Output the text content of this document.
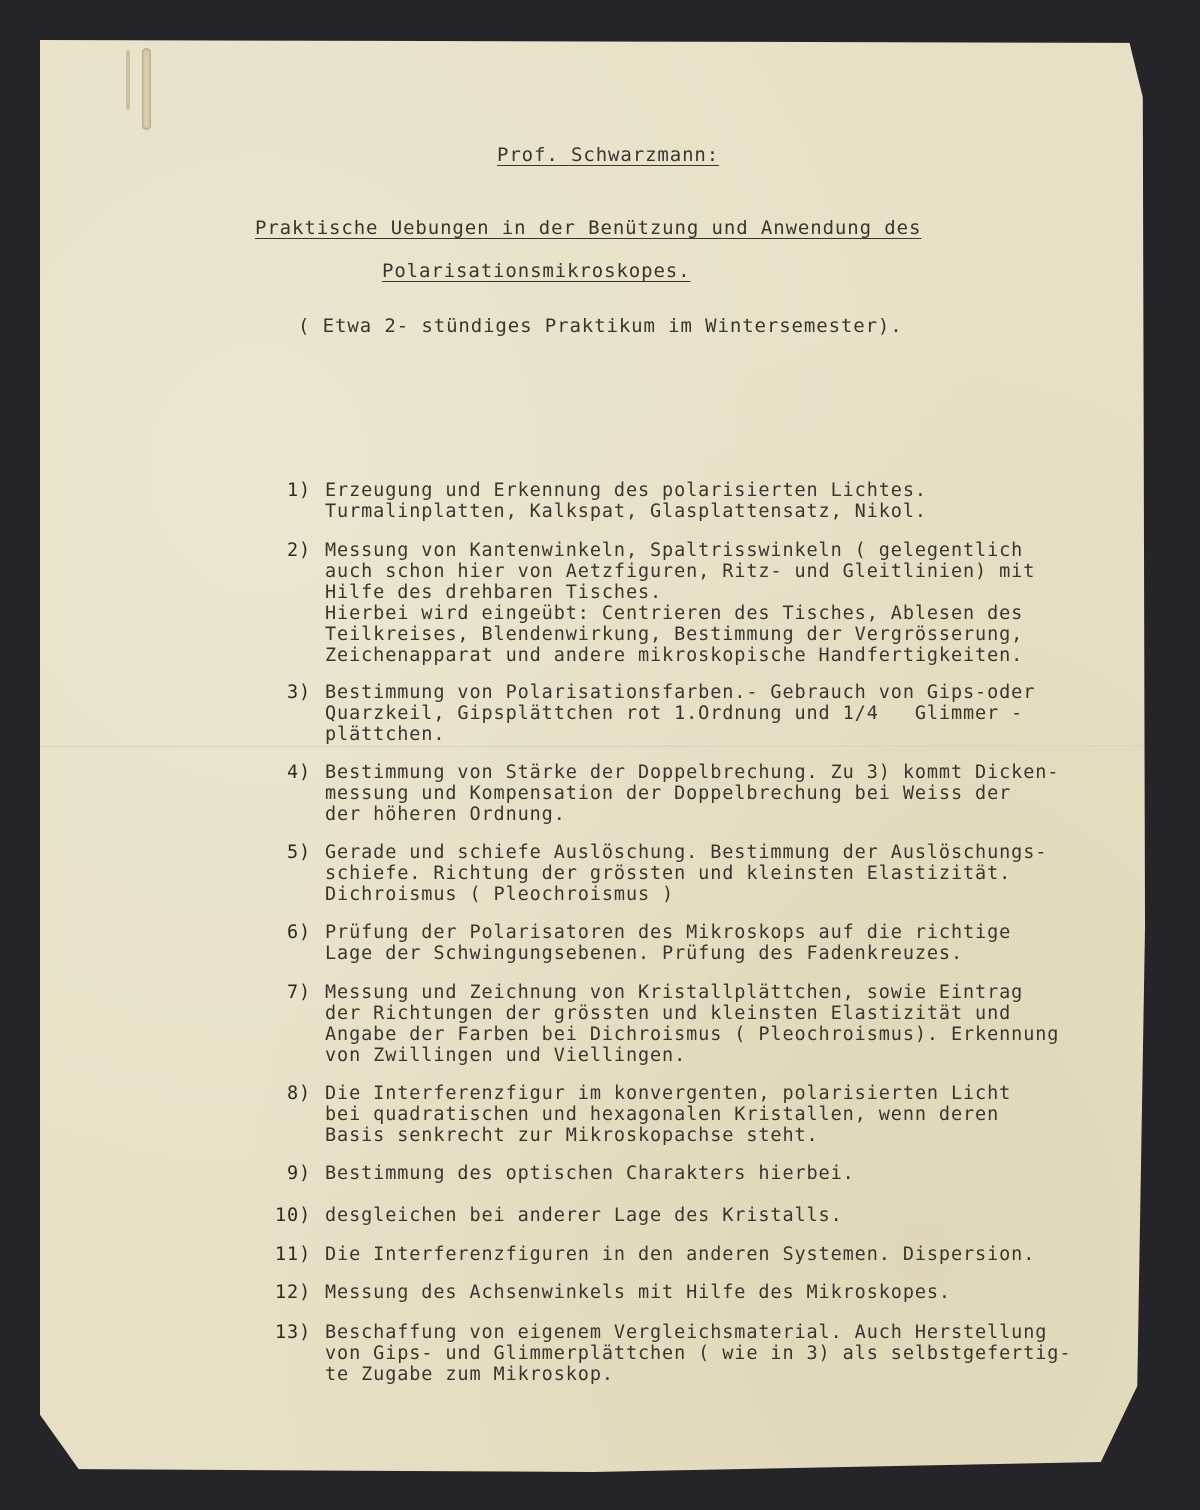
Prof. Schwarzmann:
Praktische Uebungen in der Benützung und Anwendung des
Polarisationsmikroskopes.
( Etwa 2- stündiges Praktikum im Wintersemester).
1) Erzeugung und Erkennung des polarisierten Lichtes.
Turmalinplatten, Kalkspat, Glasplattensatz, Nikol.
2) Messung von Kantenwinkeln, Spaltrisswinkeln ( gelegentlich
auch schon hier von Aetzfiguren, Ritz- und Gleitlinien) mit
Hilfe des drehbaren Tisches.
Hierbei wird eingeübt: Centrieren des Tisches, Ablesen des
Teilkreises, Blendenwirkung, Bestimmung der Vergrösserung,
Zeichenapparat und andere mikroskopische Handfertigkeiten.
3) Bestimmung von Polarisationsfarben.- Gebrauch von Gips-oder
Quarzkeil, Gipsplättchen rot 1.Ordnung und 1/4   Glimmer -
plättchen.
4) Bestimmung von Stärke der Doppelbrechung. Zu 3) kommt Dicken-
messung und Kompensation der Doppelbrechung bei Weiss der
der höheren Ordnung.
5) Gerade und schiefe Auslöschung. Bestimmung der Auslöschungs-
schiefe. Richtung der grössten und kleinsten Elastizität.
Dichroismus ( Pleochroismus )
6) Prüfung der Polarisatoren des Mikroskops auf die richtige
Lage der Schwingungsebenen. Prüfung des Fadenkreuzes.
7) Messung und Zeichnung von Kristallplättchen, sowie Eintrag
der Richtungen der grössten und kleinsten Elastizität und
Angabe der Farben bei Dichroismus ( Pleochroismus). Erkennung
von Zwillingen und Viellingen.
8) Die Interferenzfigur im konvergenten, polarisierten Licht
bei quadratischen und hexagonalen Kristallen, wenn deren
Basis senkrecht zur Mikroskopachse steht.
9) Bestimmung des optischen Charakters hierbei.
10) desgleichen bei anderer Lage des Kristalls.
11) Die Interferenzfiguren in den anderen Systemen. Dispersion.
12) Messung des Achsenwinkels mit Hilfe des Mikroskopes.
13) Beschaffung von eigenem Vergleichsmaterial. Auch Herstellung
von Gips- und Glimmerplättchen ( wie in 3) als selbstgefertig-
te Zugabe zum Mikroskop.
